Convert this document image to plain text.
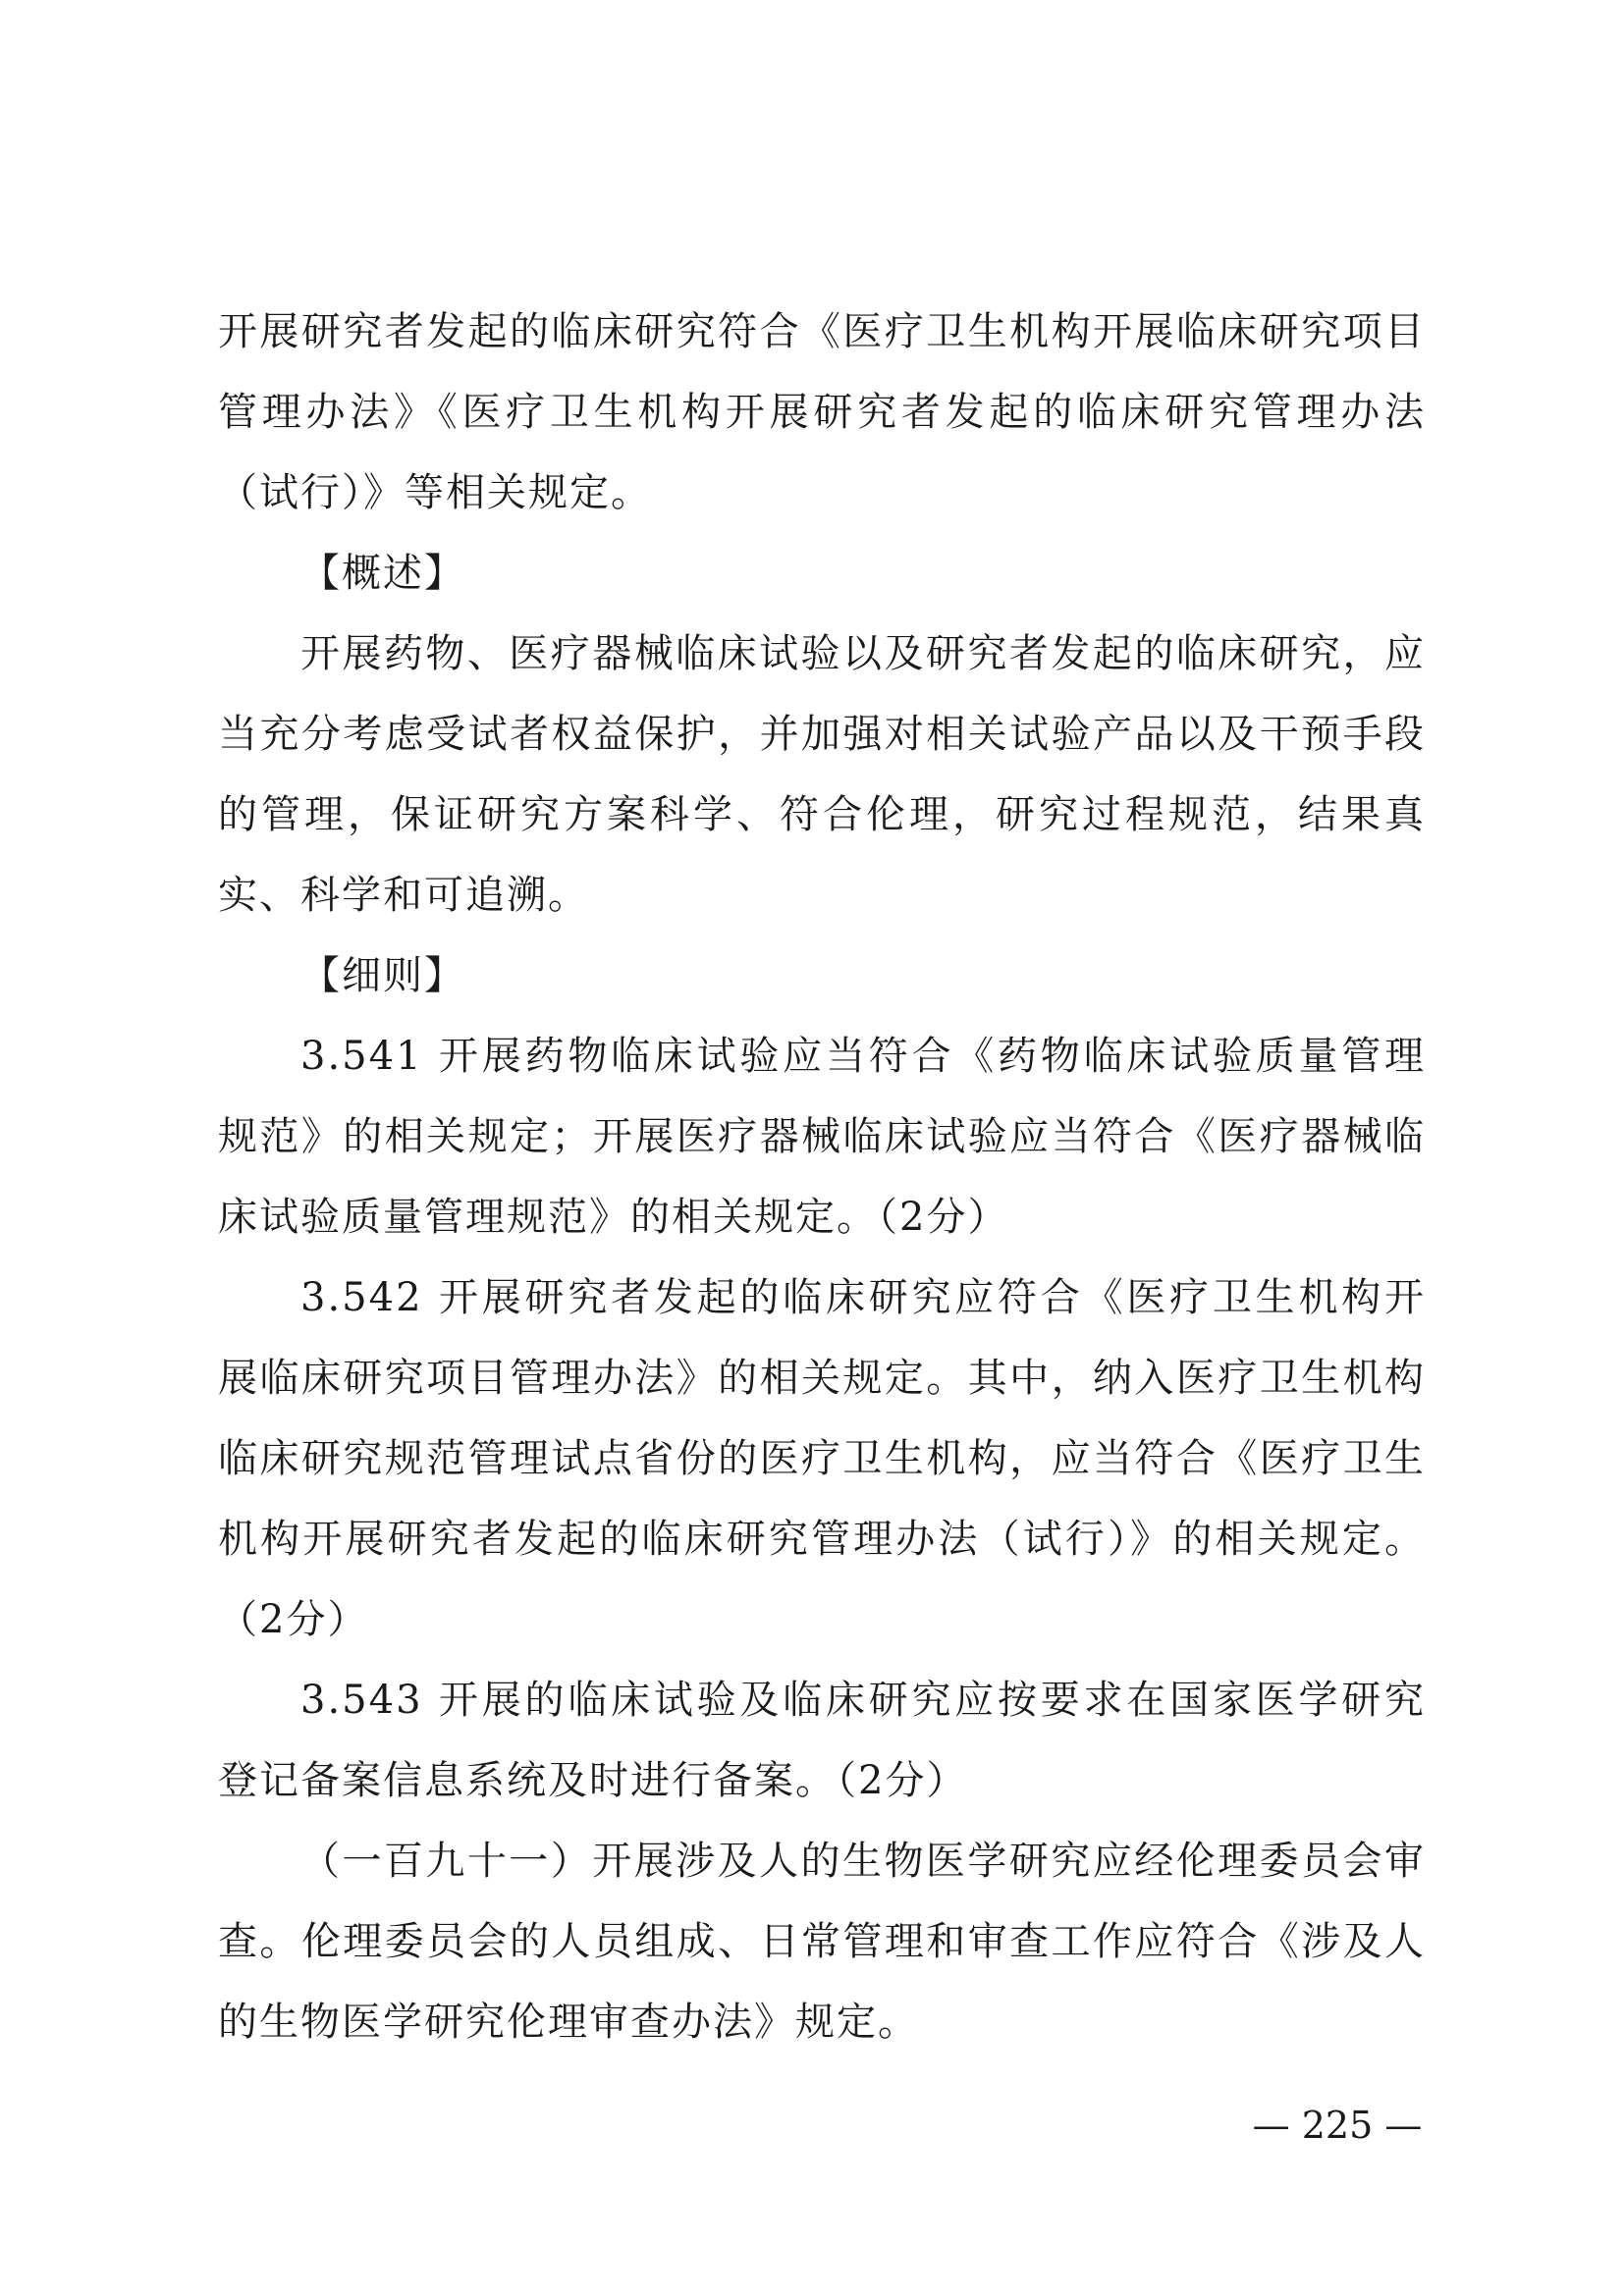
开展研究者发起的临床研究符合《医疗卫生机构开展临床研究项目管理办法》《医疗卫生机构开展研究者发起的临床研究管理办法（试行）》等相关规定。

【概述】

开展药物、医疗器械临床试验以及研究者发起的临床研究，应当充分考虑受试者权益保护，并加强对相关试验产品以及干预手段的管理，保证研究方案科学、符合伦理，研究过程规范，结果真实、科学和可追溯。

【细则】

3.541 开展药物临床试验应当符合《药物临床试验质量管理规范》的相关规定；开展医疗器械临床试验应当符合《医疗器械临床试验质量管理规范》的相关规定。（2分）

3.542 开展研究者发起的临床研究应符合《医疗卫生机构开展临床研究项目管理办法》的相关规定。其中，纳入医疗卫生机构临床研究规范管理试点省份的医疗卫生机构，应当符合《医疗卫生机构开展研究者发起的临床研究管理办法（试行）》的相关规定。（2分）

3.543 开展的临床试验及临床研究应按要求在国家医学研究登记备案信息系统及时进行备案。（2分）

（一百九十一）开展涉及人的生物医学研究应经伦理委员会审查。伦理委员会的人员组成、日常管理和审查工作应符合《涉及人的生物医学研究伦理审查办法》规定。

— 225 —
